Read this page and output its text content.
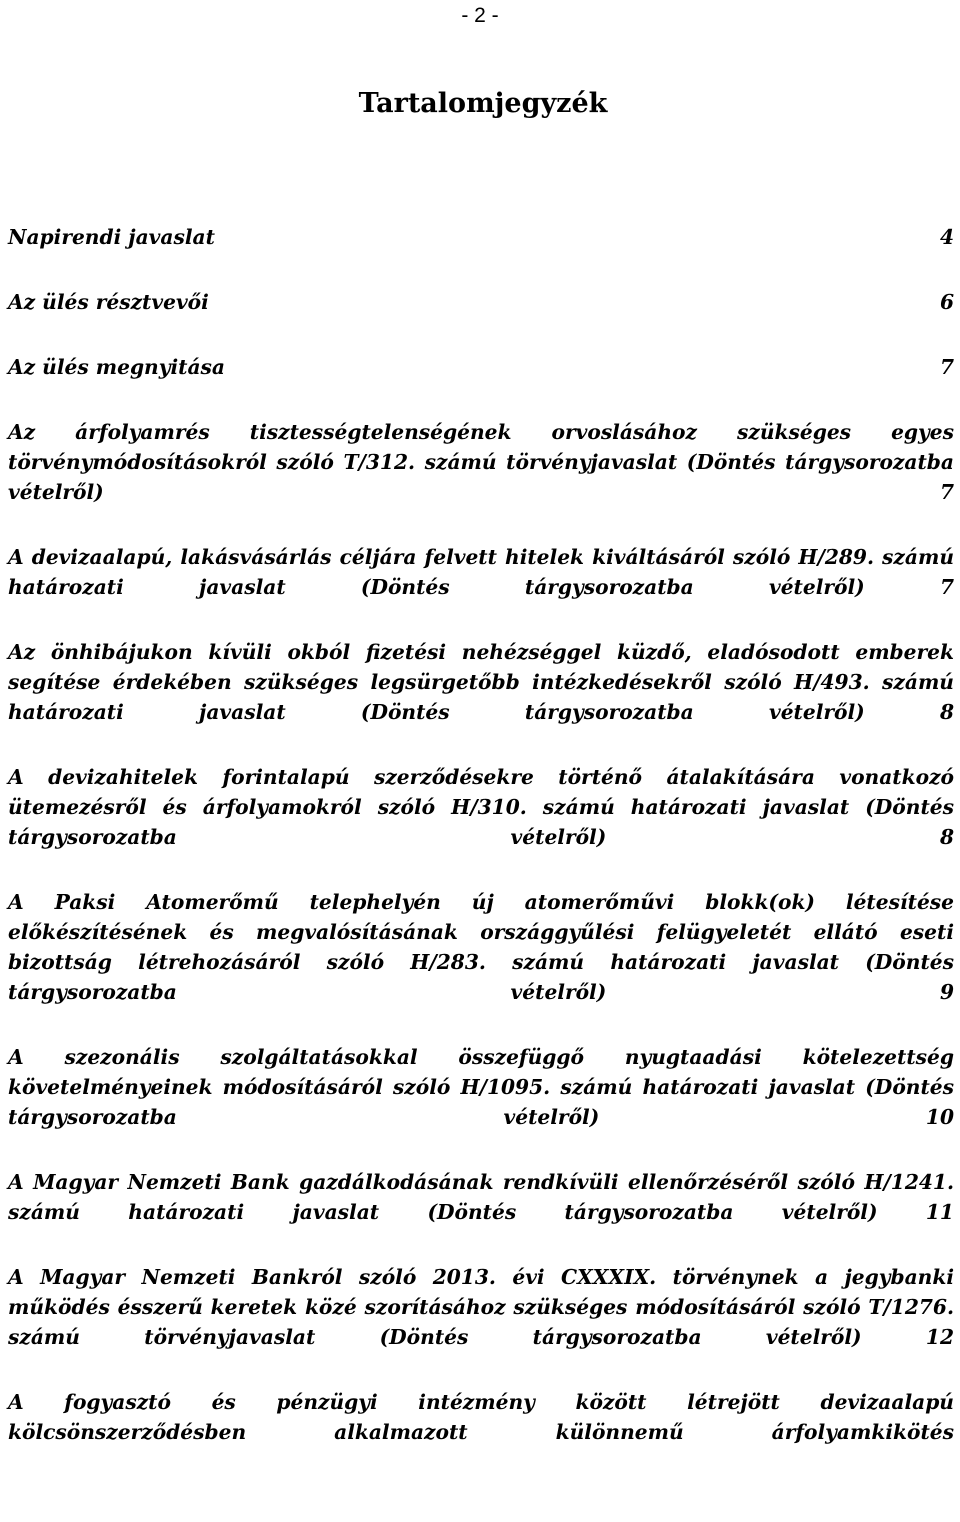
- 2 -
Tartalomjegyzék
Napirendi javaslat	4
Az ülés résztvevői	6
Az ülés megnyitása	7
Az árfolyamrés tisztességtelenségének orvoslásához szükséges egyes törvénymódosításokról szóló T/312. számú törvényjavaslat (Döntés tárgysorozatba vételről)	7
A devizaalapú, lakásvásárlás céljára felvett hitelek kiváltásáról szóló H/289. számú határozati javaslat (Döntés tárgysorozatba vételről)	7
Az önhibájukon kívüli okból fizetési nehézséggel küzdő, eladósodott emberek segítése érdekében szükséges legsürgetőbb intézkedésekről szóló H/493. számú határozati javaslat (Döntés tárgysorozatba vételről)	8
A devizahitelek forintalapú szerződésekre történő átalakítására vonatkozó ütemezésről és árfolyamokról szóló H/310. számú határozati javaslat (Döntés tárgysorozatba vételről)	8
A Paksi Atomerőmű telephelyén új atomerőművi blokk(ok) létesítése előkészítésének és megvalósításának országgyűlési felügyeletét ellátó eseti bizottság létrehozásáról szóló H/283. számú határozati javaslat (Döntés tárgysorozatba vételről)	9
A szezonális szolgáltatásokkal összefüggő nyugtaadási kötelezettség követelményeinek módosításáról szóló H/1095. számú határozati javaslat (Döntés tárgysorozatba vételről)	10
A Magyar Nemzeti Bank gazdálkodásának rendkívüli ellenőrzéséről szóló H/1241. számú határozati javaslat (Döntés tárgysorozatba vételről) 11
A Magyar Nemzeti Bankról szóló 2013. évi CXXXIX. törvénynek a jegybanki működés ésszerű keretek közé szorításához szükséges módosításáról szóló T/1276. számú törvényjavaslat (Döntés tárgysorozatba vételről)	12
A fogyasztó és pénzügyi intézmény között létrejött devizaalapú kölcsönszerződésben alkalmazott különnemű árfolyamkikötés
